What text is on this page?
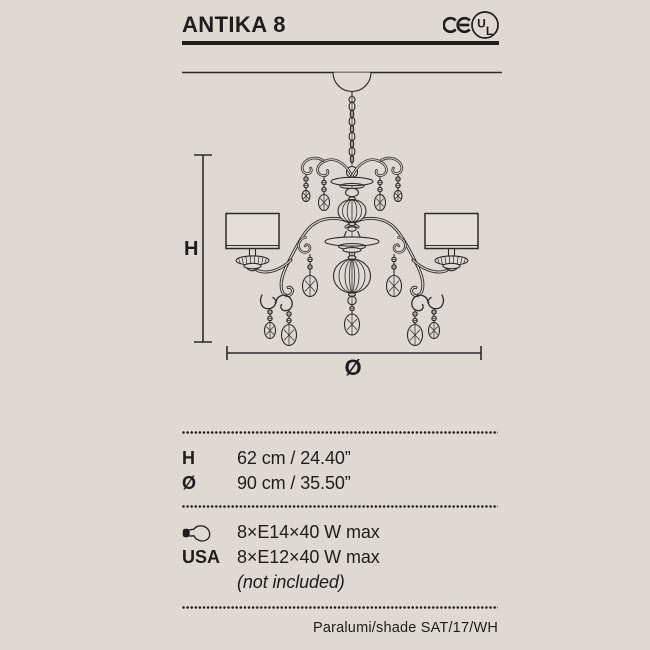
ANTIKA 8	U
L
H
Ø
H	62 cm / 24.40”
Ø	90 cm / 35.50”
8×E14×40 W max
USA 8×E12×40 W max
(not included)
Paralumi/shade SAT/17/WH
